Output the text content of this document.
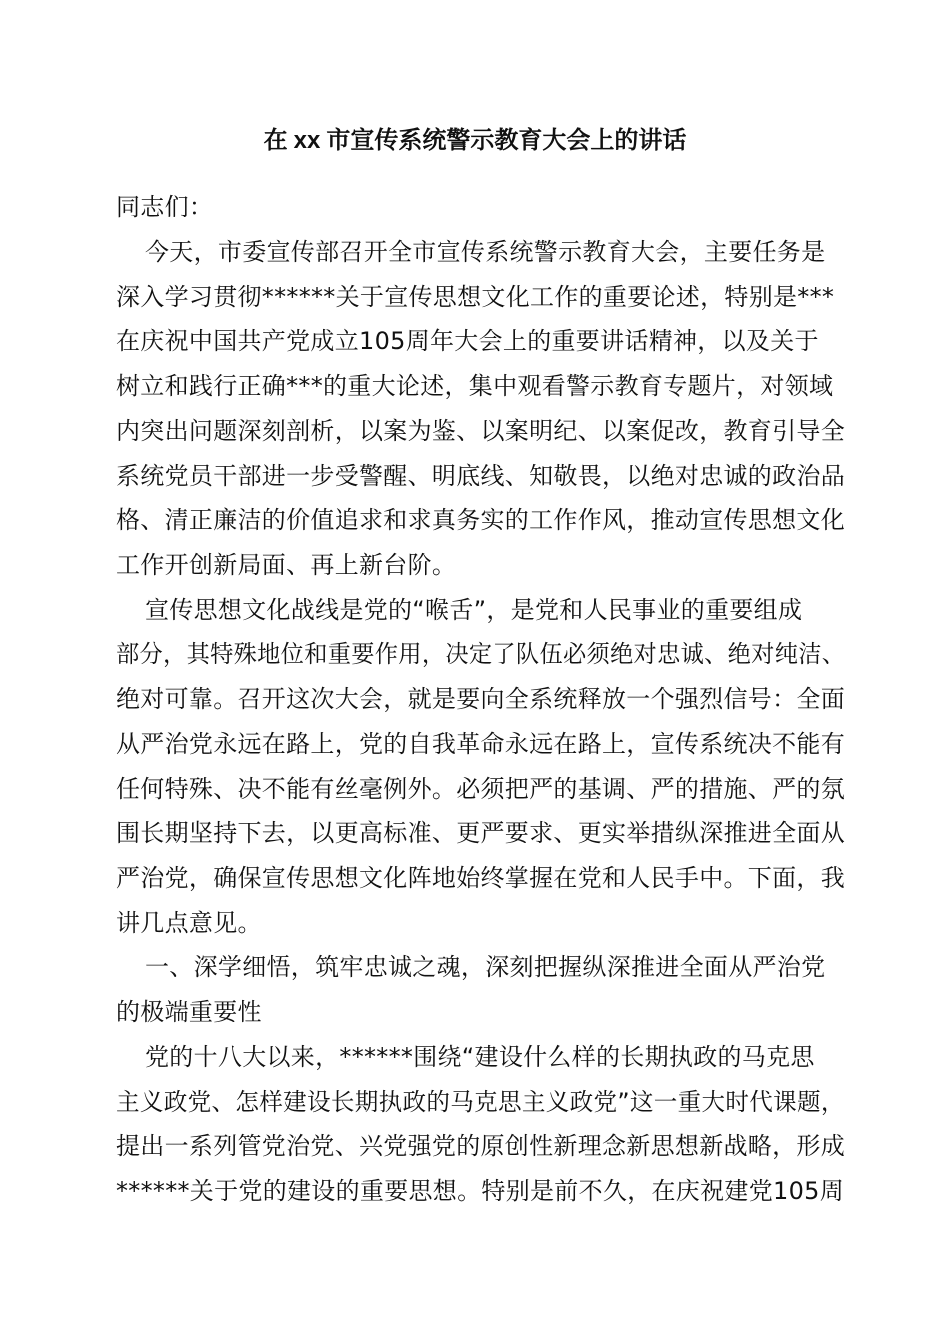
在 xx 市宣传系统警示教育大会上的讲话
同志们：
今天，市委宣传部召开全市宣传系统警示教育大会，主要任务是
深入学习贯彻******关于宣传思想文化工作的重要论述，特别是***
在庆祝中国共产党成立105周年大会上的重要讲话精神，以及关于
树立和践行正确***的重大论述，集中观看警示教育专题片，对领域
内突出问题深刻剖析，以案为鉴、以案明纪、以案促改，教育引导全
系统党员干部进一步受警醒、明底线、知敬畏，以绝对忠诚的政治品
格、清正廉洁的价值追求和求真务实的工作作风，推动宣传思想文化
工作开创新局面、再上新台阶。
宣传思想文化战线是党的“喉舌”，是党和人民事业的重要组成
部分，其特殊地位和重要作用，决定了队伍必须绝对忠诚、绝对纯洁、
绝对可靠。召开这次大会，就是要向全系统释放一个强烈信号：全面
从严治党永远在路上，党的自我革命永远在路上，宣传系统决不能有
任何特殊、决不能有丝毫例外。必须把严的基调、严的措施、严的氛
围长期坚持下去，以更高标准、更严要求、更实举措纵深推进全面从
严治党，确保宣传思想文化阵地始终掌握在党和人民手中。下面，我
讲几点意见。
一、深学细悟，筑牢忠诚之魂，深刻把握纵深推进全面从严治党
的极端重要性
党的十八大以来，******围绕“建设什么样的长期执政的马克思
主义政党、怎样建设长期执政的马克思主义政党”这一重大时代课题，
提出一系列管党治党、兴党强党的原创性新理念新思想新战略，形成
******关于党的建设的重要思想。特别是前不久，在庆祝建党105周
